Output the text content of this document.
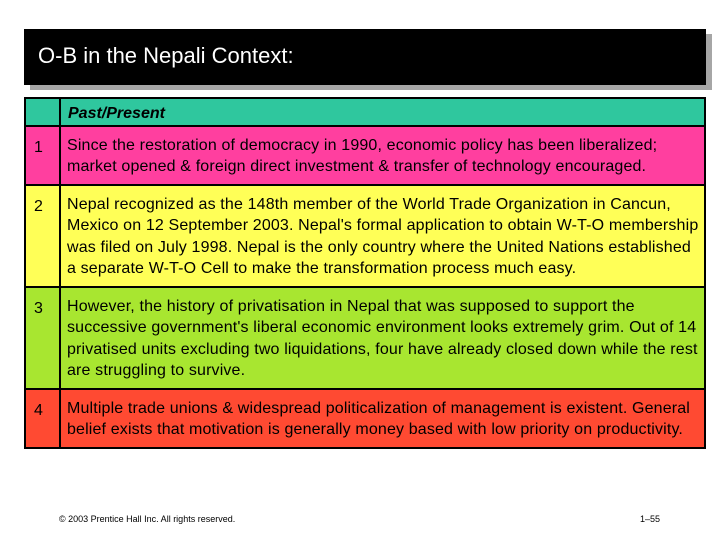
O-B in the Nepali Context:
	Past/Present
1	Since the restoration of democracy in 1990, economic policy has been liberalized; market opened & foreign direct investment & transfer of technology encouraged.
2	Nepal recognized as the 148th member of the World Trade Organization in Cancun, Mexico on 12 September 2003. Nepal's formal application to obtain W-T-O membership was filed on July 1998. Nepal is the only country where the United Nations established a separate W-T-O Cell to make the transformation process much easy.
3	However, the history of privatisation in Nepal that was supposed to support the successive government's liberal economic environment looks extremely grim. Out of 14 privatised units excluding two liquidations, four have already closed down while the rest are struggling to survive.
4	Multiple trade unions & widespread politicalization of management is existent. General belief exists that motivation is generally money based with low priority on productivity.
© 2003 Prentice Hall Inc. All rights reserved.	1–55
